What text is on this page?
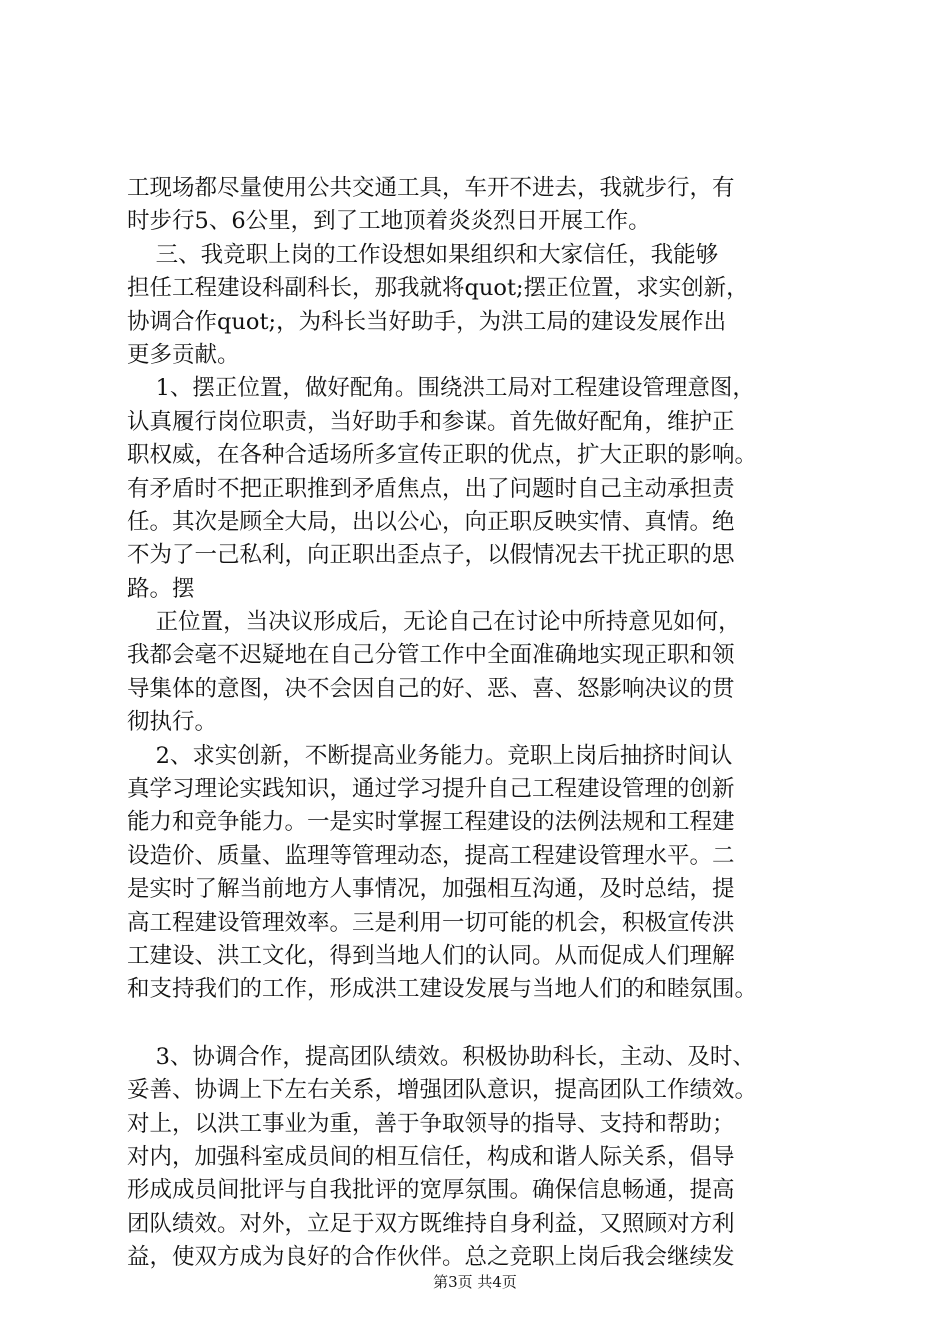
工现场都尽量使用公共交通工具，车开不进去，我就步行，有
时步行5、6公里，到了工地顶着炎炎烈日开展工作。
三、我竞职上岗的工作设想如果组织和大家信任，我能够
担任工程建设科副科长，那我就将quot;摆正位置，求实创新，
协调合作quot;，为科长当好助手，为洪工局的建设发展作出
更多贡献。
1、摆正位置，做好配角。围绕洪工局对工程建设管理意图，
认真履行岗位职责，当好助手和参谋。首先做好配角，维护正
职权威，在各种合适场所多宣传正职的优点，扩大正职的影响。
有矛盾时不把正职推到矛盾焦点，出了问题时自己主动承担责
任。其次是顾全大局，出以公心，向正职反映实情、真情。绝
不为了一己私利，向正职出歪点子，以假情况去干扰正职的思
路。摆
正位置，当决议形成后，无论自己在讨论中所持意见如何，
我都会毫不迟疑地在自己分管工作中全面准确地实现正职和领
导集体的意图，决不会因自己的好、恶、喜、怒影响决议的贯
彻执行。
2、求实创新，不断提高业务能力。竞职上岗后抽挤时间认
真学习理论实践知识，通过学习提升自己工程建设管理的创新
能力和竞争能力。一是实时掌握工程建设的法例法规和工程建
设造价、质量、监理等管理动态，提高工程建设管理水平。二
是实时了解当前地方人事情况，加强相互沟通，及时总结，提
高工程建设管理效率。三是利用一切可能的机会，积极宣传洪
工建设、洪工文化，得到当地人们的认同。从而促成人们理解
和支持我们的工作，形成洪工建设发展与当地人们的和睦氛围。
3、协调合作，提高团队绩效。积极协助科长，主动、及时、
妥善、协调上下左右关系，增强团队意识，提高团队工作绩效。
对上，以洪工事业为重，善于争取领导的指导、支持和帮助；
对内，加强科室成员间的相互信任，构成和谐人际关系，倡导
形成成员间批评与自我批评的宽厚氛围。确保信息畅通，提高
团队绩效。对外，立足于双方既维持自身利益，又照顾对方利
益，使双方成为良好的合作伙伴。总之竞职上岗后我会继续发
第3页 共4页
